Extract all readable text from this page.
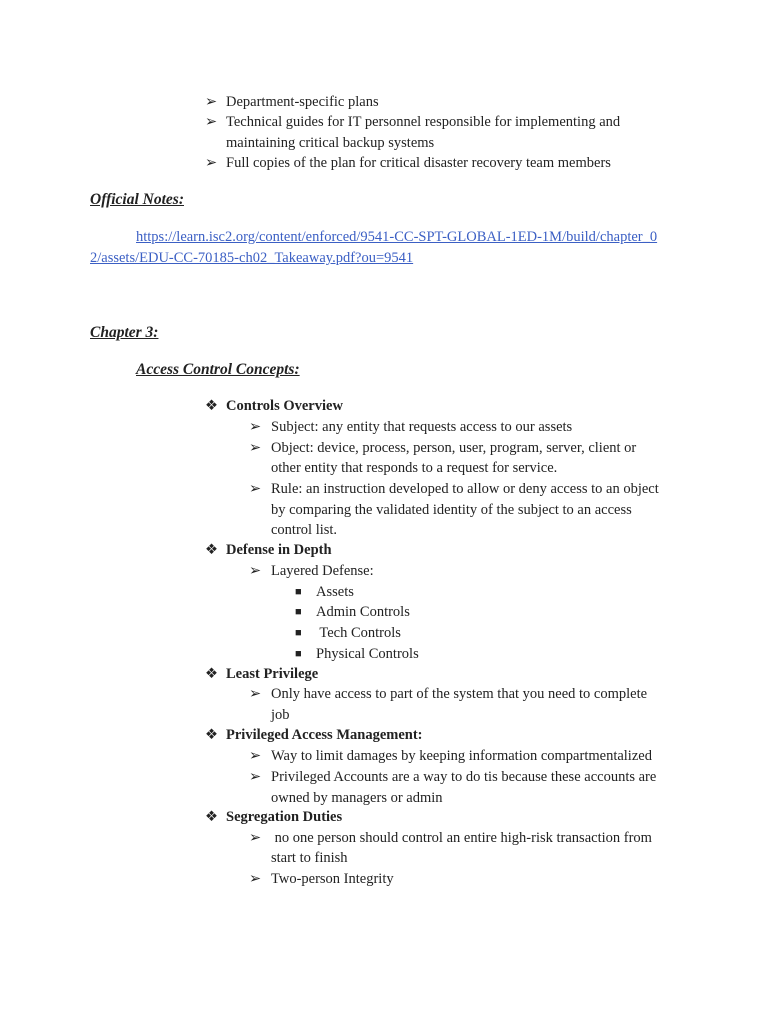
➢ Department-specific plans
➢ Technical guides for IT personnel responsible for implementing and
maintaining critical backup systems
➢ Full copies of the plan for critical disaster recovery team members
Official Notes:
https://learn.isc2.org/content/enforced/9541-CC-SPT-GLOBAL-1ED-1M/build/chapter_0
2/assets/EDU-CC-70185-ch02_Takeaway.pdf?ou=9541
Chapter 3:
Access Control Concepts:
❖ Controls Overview
➢ Subject: any entity that requests access to our assets
➢ Object: device, process, person, user, program, server, client or
other entity that responds to a request for service.
➢ Rule: an instruction developed to allow or deny access to an object
by comparing the validated identity of the subject to an access
control list.
❖ Defense in Depth
➢ Layered Defense:
■ Assets
■ Admin Controls
■ Tech Controls
■ Physical Controls
❖ Least Privilege
➢ Only have access to part of the system that you need to complete
job
❖ Privileged Access Management:
➢ Way to limit damages by keeping information compartmentalized
➢ Privileged Accounts are a way to do tis because these accounts are
owned by managers or admin
❖ Segregation Duties
➢ no one person should control an entire high-risk transaction from
start to finish
➢ Two-person Integrity
